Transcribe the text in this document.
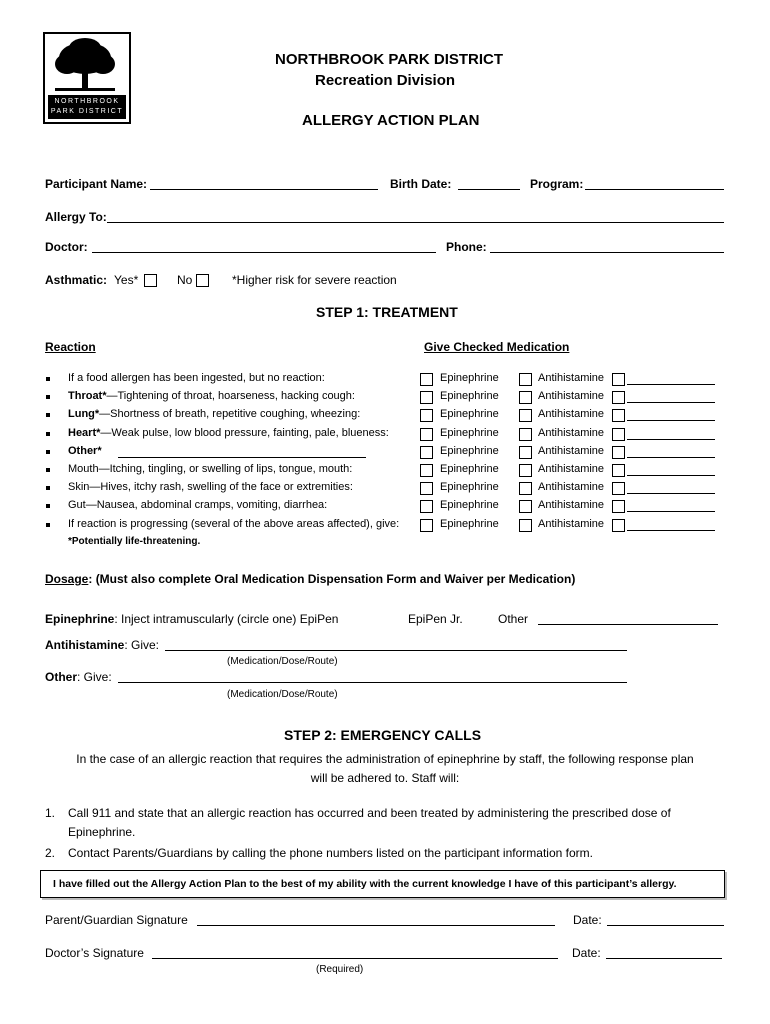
NORTHBROOK
PARK DISTRICT
NORTHBROOK PARK DISTRICT
Recreation Division
ALLERGY ACTION PLAN
Participant Name:	Birth Date:	Program:
Allergy To:
Doctor:	Phone:
Asthmatic: Yes*	No	*Higher risk for severe reaction
STEP 1: TREATMENT
Reaction	Give Checked Medication
If a food allergen has been ingested, but no reaction:	Epinephrine	Antihistamine
Throat*—Tightening of throat, hoarseness, hacking cough:	Epinephrine	Antihistamine
Lung*—Shortness of breath, repetitive coughing, wheezing:	Epinephrine	Antihistamine
Heart*—Weak pulse, low blood pressure, fainting, pale, blueness:	Epinephrine	Antihistamine
Other*	Epinephrine	Antihistamine
Mouth—Itching, tingling, or swelling of lips, tongue, mouth:	Epinephrine	Antihistamine
Skin—Hives, itchy rash, swelling of the face or extremities:	Epinephrine	Antihistamine
Gut—Nausea, abdominal cramps, vomiting, diarrhea:	Epinephrine	Antihistamine
If reaction is progressing (several of the above areas affected), give:	Epinephrine	Antihistamine
*Potentially life-threatening.
Dosage: (Must also complete Oral Medication Dispensation Form and Waiver per Medication)
Epinephrine: Inject intramuscularly (circle one) EpiPen	EpiPen Jr.	Other
Antihistamine: Give:
(Medication/Dose/Route)
Other: Give:
(Medication/Dose/Route)
STEP 2: EMERGENCY CALLS
In the case of an allergic reaction that requires the administration of epinephrine by staff, the following response plan
will be adhered to. Staff will:
1. Call 911 and state that an allergic reaction has occurred and been treated by administering the prescribed dose of
Epinephrine.
2. Contact Parents/Guardians by calling the phone numbers listed on the participant information form.
I have filled out the Allergy Action Plan to the best of my ability with the current knowledge I have of this participant’s allergy.
Parent/Guardian Signature	Date:
Doctor’s Signature	Date:
(Required)
